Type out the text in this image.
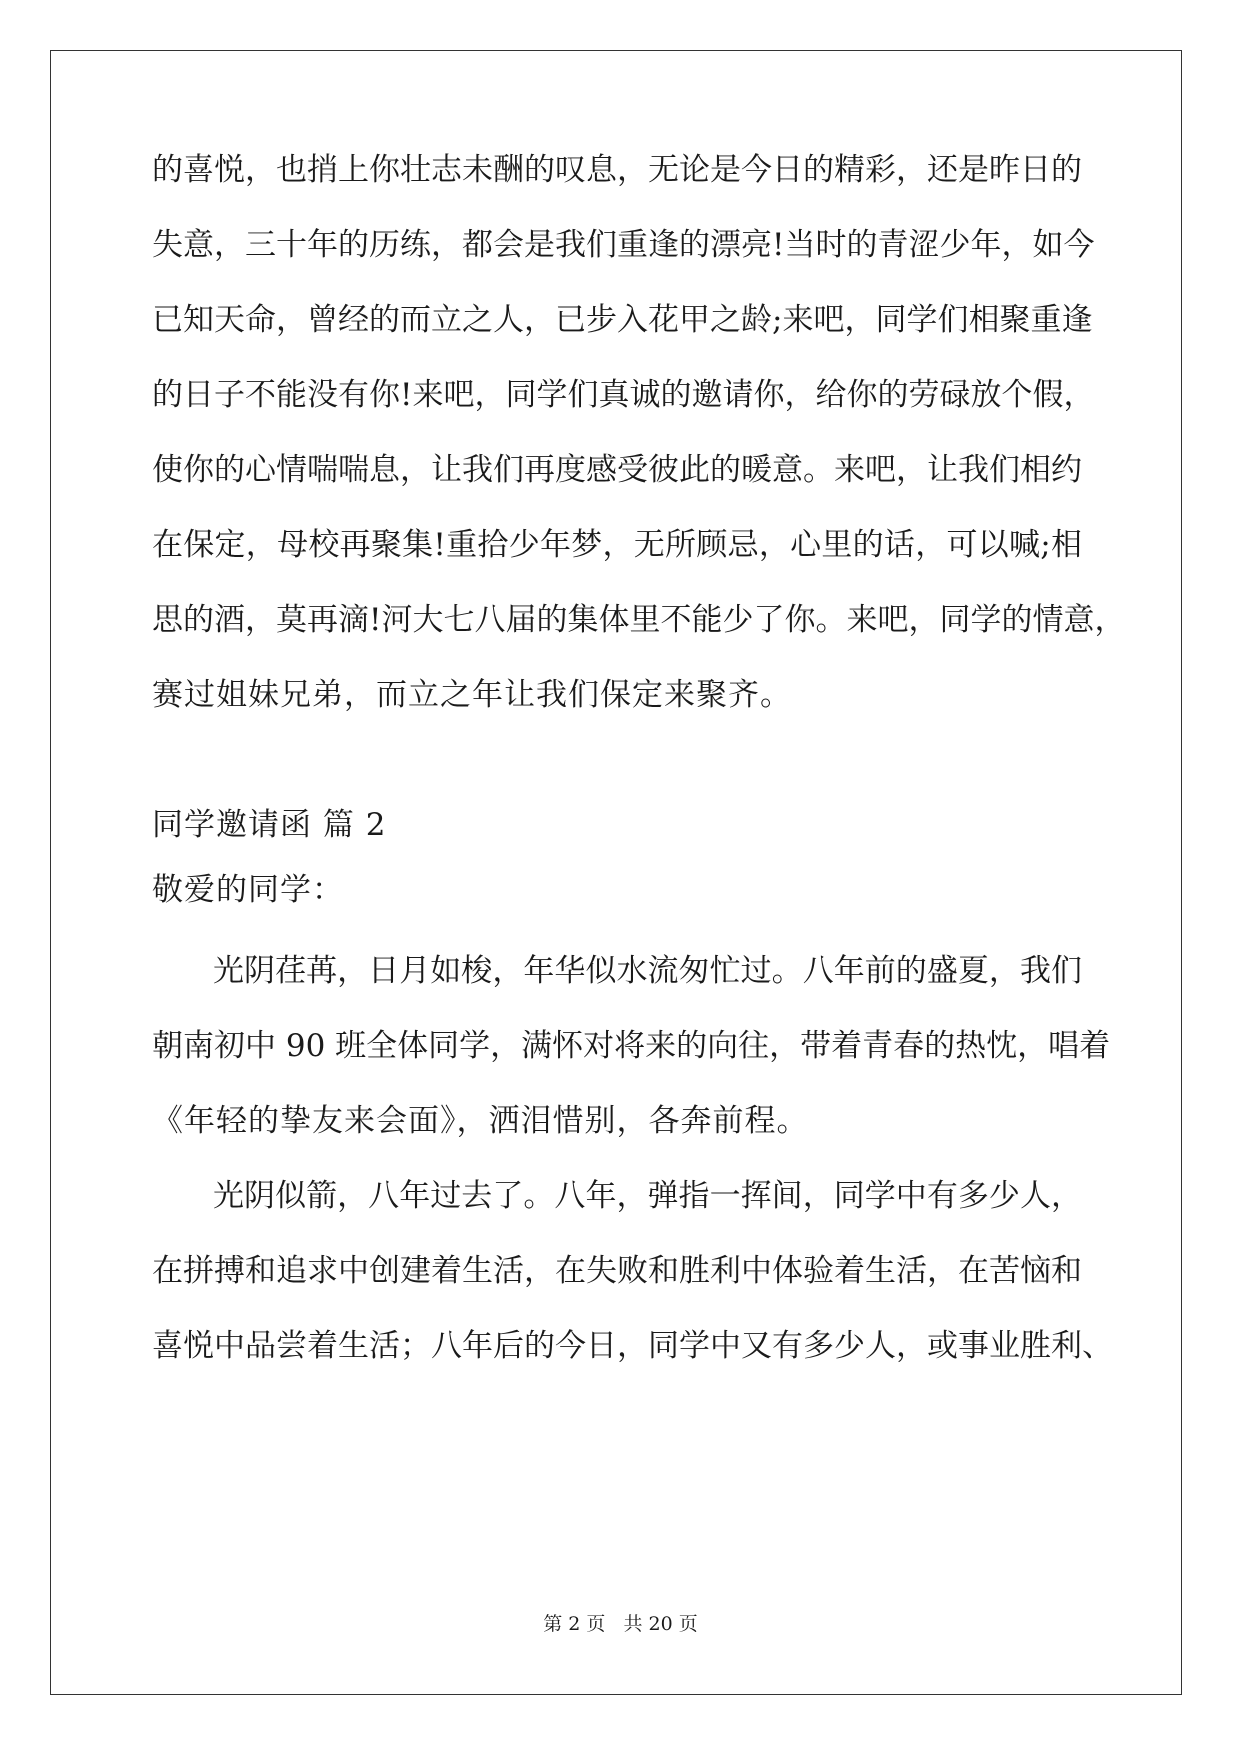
的喜悦，也捎上你壮志未酬的叹息，无论是今日的精彩，还是昨日的
失意，三十年的历练，都会是我们重逢的漂亮!当时的青涩少年，如今
已知天命，曾经的而立之人，已步入花甲之龄;来吧，同学们相聚重逢
的日子不能没有你!来吧，同学们真诚的邀请你，给你的劳碌放个假，
使你的心情喘喘息，让我们再度感受彼此的暖意。来吧，让我们相约
在保定，母校再聚集!重拾少年梦，无所顾忌，心里的话，可以喊;相
思的酒，莫再滴!河大七八届的集体里不能少了你。来吧，同学的情意，
赛过姐妹兄弟，而立之年让我们保定来聚齐。
同学邀请函 篇 2
敬爱的同学：
光阴荏苒，日月如梭，年华似水流匆忙过。八年前的盛夏，我们
朝南初中 90 班全体同学，满怀对将来的向往，带着青春的热忱，唱着
《年轻的挚友来会面》，洒泪惜别，各奔前程。
光阴似箭，八年过去了。八年，弹指一挥间，同学中有多少人，
在拼搏和追求中创建着生活，在失败和胜利中体验着生活，在苦恼和
喜悦中品尝着生活；八年后的今日，同学中又有多少人，或事业胜利、
第 2 页   共 20 页
